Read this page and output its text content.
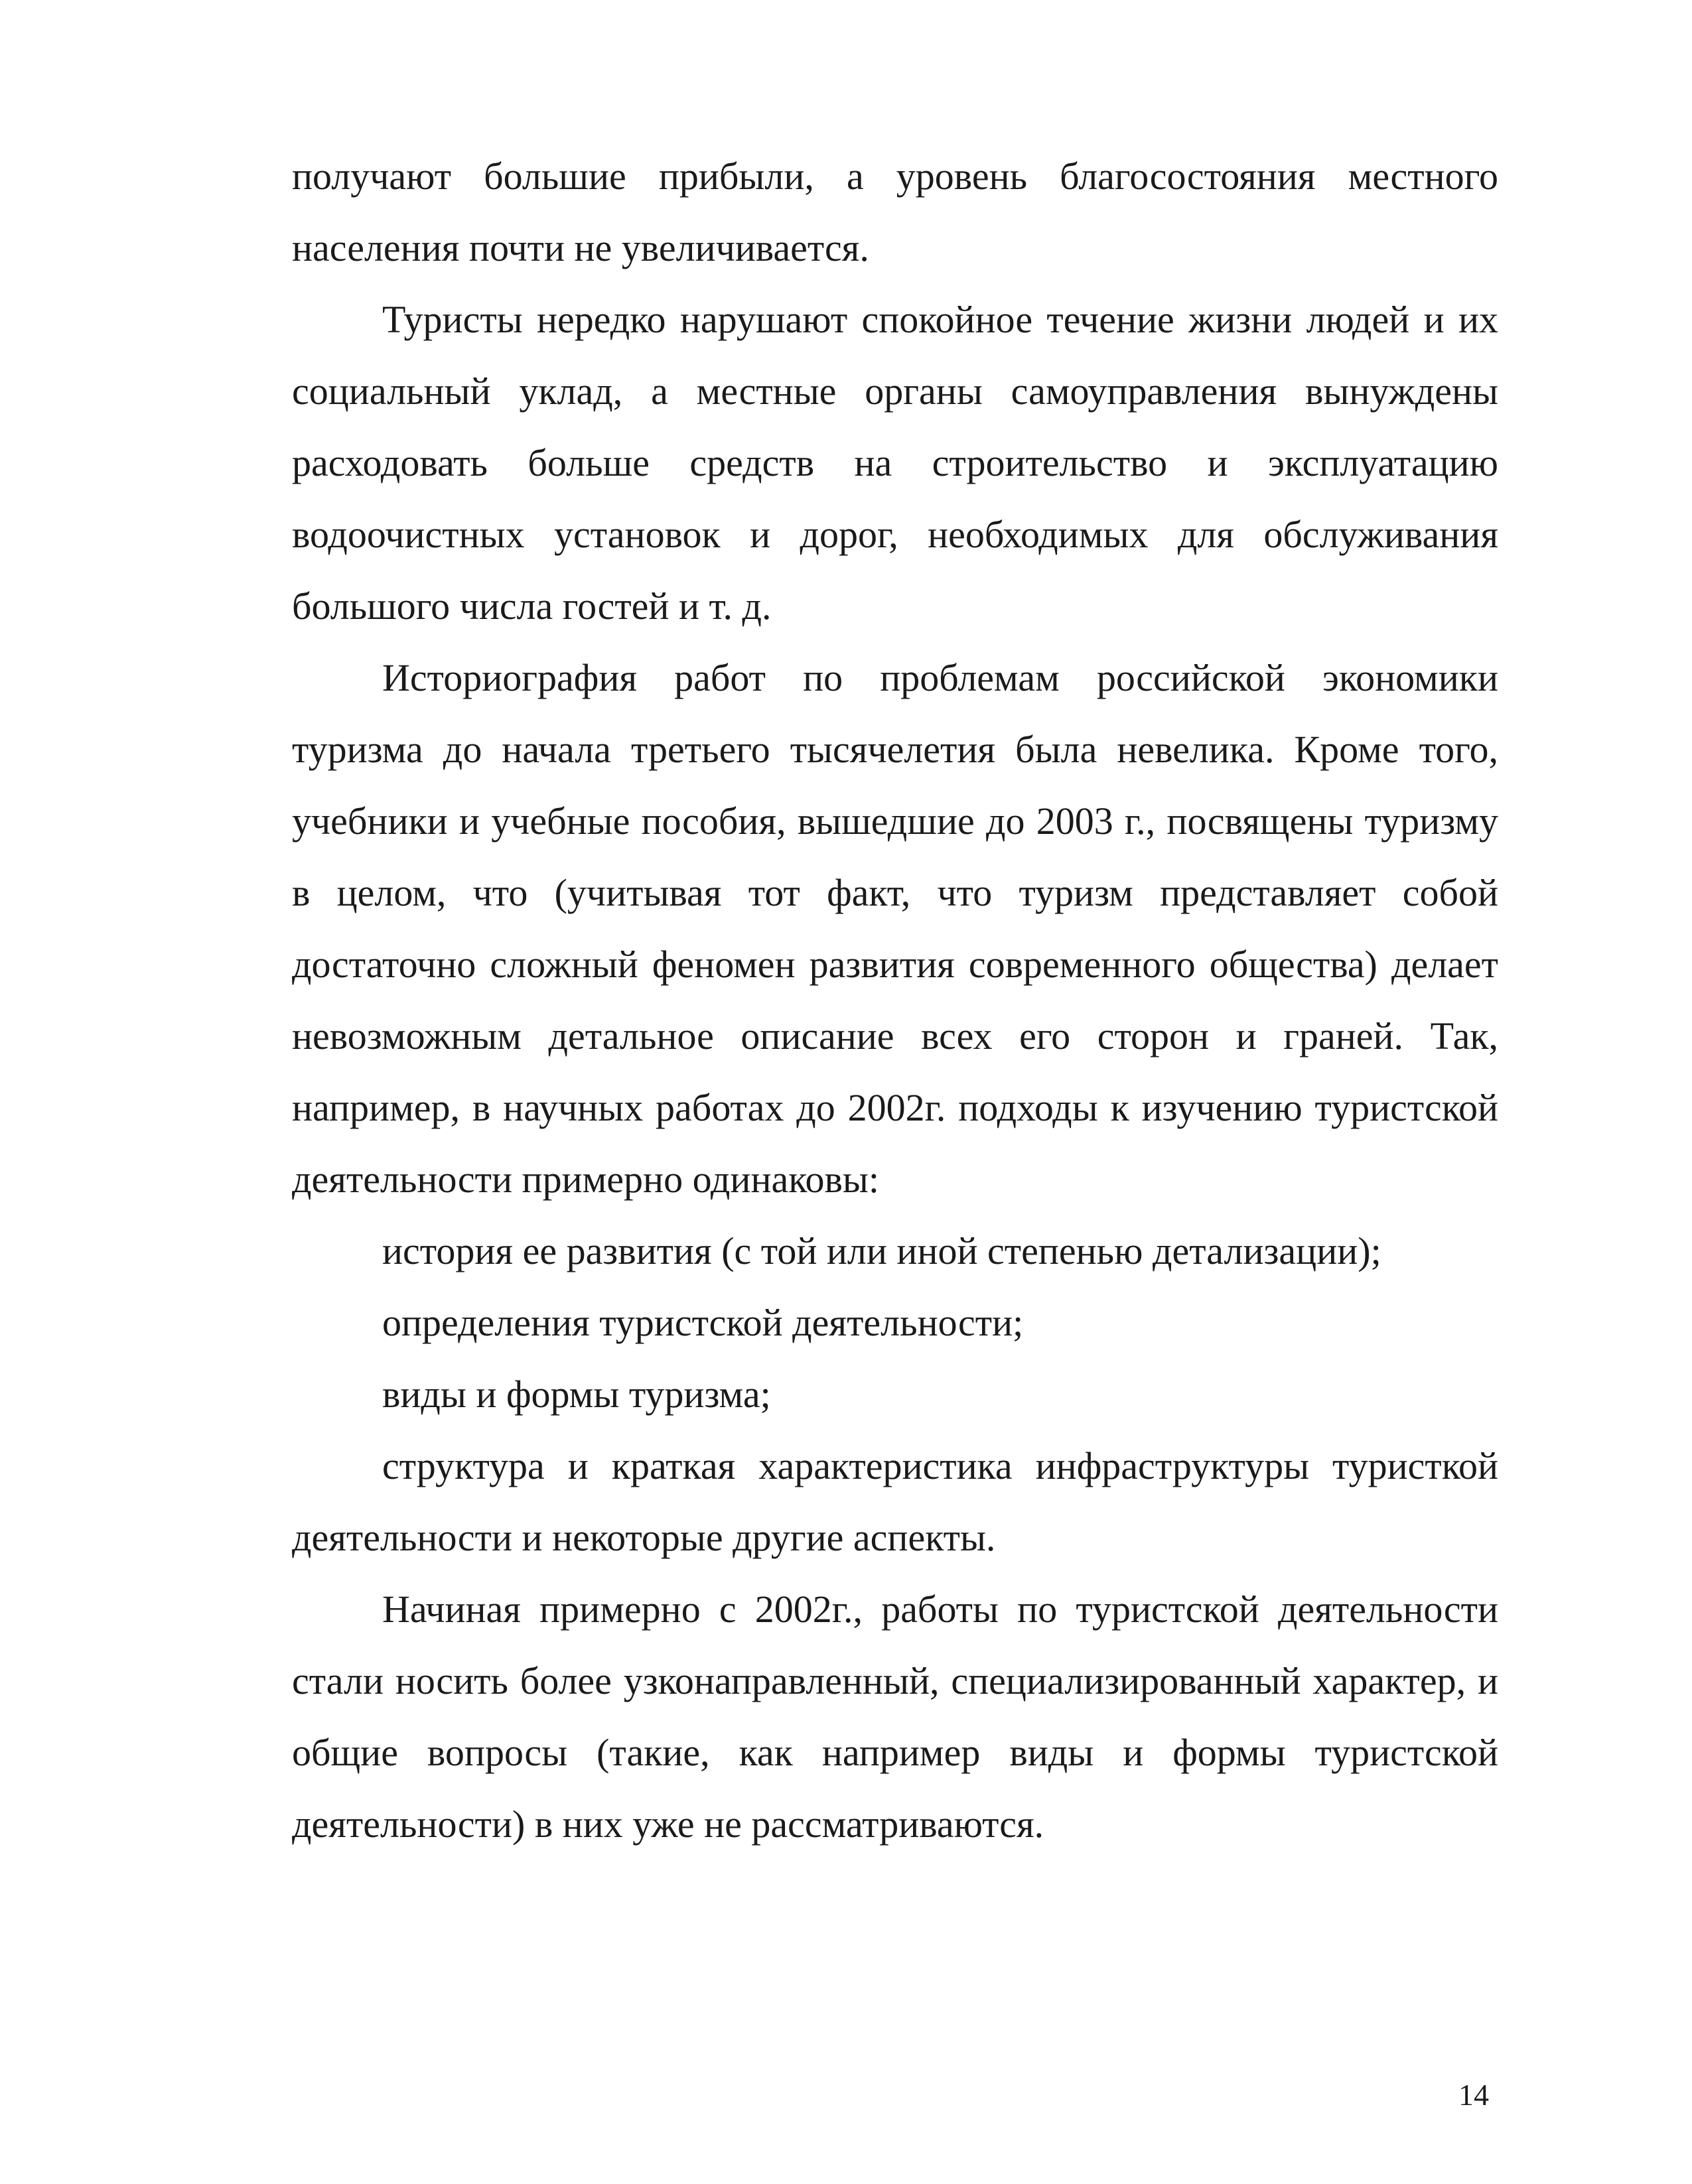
получают большие прибыли, а уровень благосостояния местного населения почти не увеличивается.

Туристы нередко нарушают спокойное течение жизни людей и их социальный уклад, а местные органы самоуправления вынуждены расходовать больше средств на строительство и эксплуатацию водоочистных установок и дорог, необходимых для обслуживания большого числа гостей и т. д.

Историография работ по проблемам российской экономики туризма до начала третьего тысячелетия была невелика. Кроме того, учебники и учебные пособия, вышедшие до 2003 г., посвящены туризму в целом, что (учитывая тот факт, что туризм представляет собой достаточно сложный феномен развития современного общества) делает невозможным детальное описание всех его сторон и граней. Так, например, в научных работах до 2002г. подходы к изучению туристской деятельности примерно одинаковы:

история ее развития (с той или иной степенью детализации);

определения туристской деятельности;

виды и формы туризма;

структура и краткая характеристика инфраструктуры туристкой деятельности и некоторые другие аспекты.

Начиная примерно с 2002г., работы по туристской деятельности стали носить более узконаправленный, специализированный характер, и общие вопросы (такие, как например виды и формы туристской деятельности) в них уже не рассматриваются.

14
